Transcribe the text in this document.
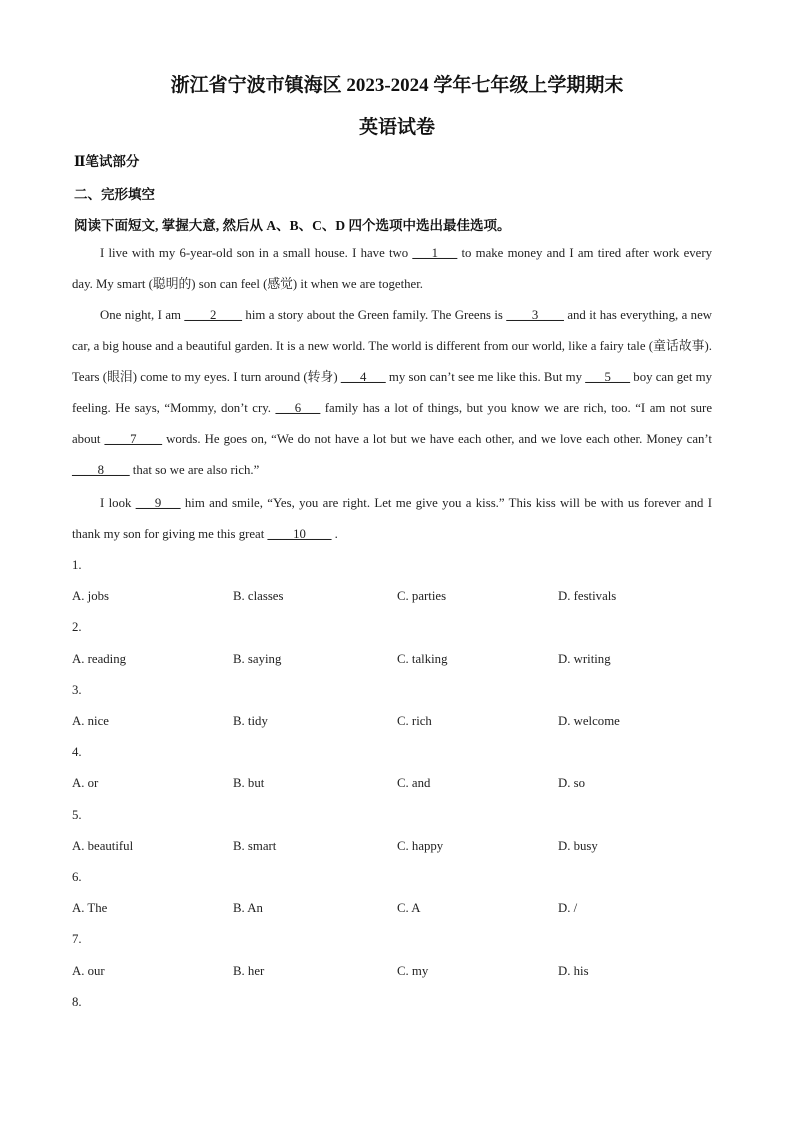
浙江省宁波市镇海区 2023-2024 学年七年级上学期期末
英语试卷
Ⅱ笔试部分
二、完形填空
阅读下面短文, 掌握大意, 然后从 A、B、C、D 四个选项中选出最佳选项。
I live with my 6-year-old son in a small house. I have two ___1___ to make money and I am tired after work every day. My smart (聪明的) son can feel (感觉) it when we are together.
One night, I am ____2____ him a story about the Green family. The Greens is ____3____ and it has everything, a new car, a big house and a beautiful garden. It is a new world. The world is different from our world, like a fairy tale (童话故事). Tears (眼泪) come to my eyes. I turn around (转身) ___4___ my son can’t see me like this. But my ___5___ boy can get my feeling. He says, “Mommy, don’t cry. ___6___ family has a lot of things, but you know we are rich, too. “I am not sure about ____7____ words. He goes on, “We do not have a lot but we have each other, and we love each other. Money can’t ____8____ that so we are also rich.”
I look ___9___ him and smile, “Yes, you are right. Let me give you a kiss.” This kiss will be with us forever and I thank my son for giving me this great ____10____ .
1.
A. jobs	B. classes	C. parties	D. festivals
2.
A. reading	B. saying	C. talking	D. writing
3.
A. nice	B. tidy	C. rich	D. welcome
4.
A. or	B. but	C. and	D. so
5.
A. beautiful	B. smart	C. happy	D. busy
6.
A. The	B. An	C. A	D. /
7.
A. our	B. her	C. my	D. his
8.
